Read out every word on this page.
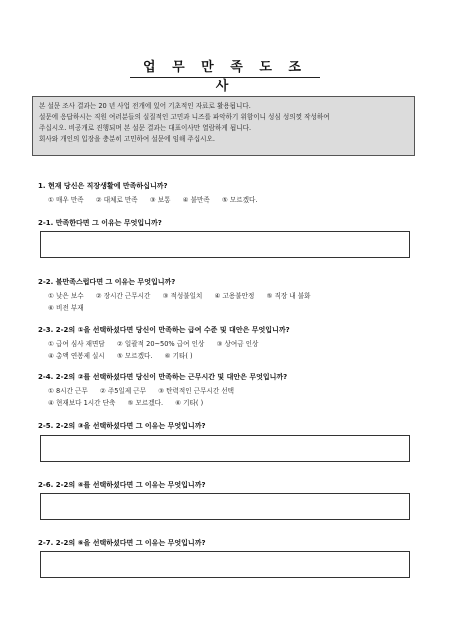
업 무 만 족 도 조 사
본 설문 조사 결과는 20 년 사업 전개에 있어 기초적인 자료로 활용됩니다.
설문에 응답하시는 직원 여러분들의 실질적인 고민과 니즈를 파악하기 위함이니 성심 성의껏 작성하여
주십시오. 비공개로 진행되며 본 설문 결과는 대표이사만 열람하게 됩니다.
회사와 개인의 입장을 충분히 고민하여 설문에 임해 주십시오.
1. 현재 당신은 직장생활에 만족하십니까?
① 매우 만족 ② 대체로 만족 ③ 보통 ④ 불만족 ⑤ 모르겠다.
2-1. 만족한다면 그 이유는 무엇입니까?
2-2. 불만족스럽다면 그 이유는 무엇입니까?
① 낮은 보수 ② 장시간 근무시간 ③ 적성불일치 ④ 고용불안정 ⑤ 직장 내 불화
⑥ 비전 부재
2-3. 2-2의 ①을 선택하셨다면 당신이 만족하는 급여 수준 및 대안은 무엇입니까?
① 급여 심사 재면담 ② 일괄적 20~50% 급여 인상 ③ 상여금 인상
④ 총액 연봉제 실시 ⑤ 모르겠다. ⑥ 기타( )
2-4. 2-2의 ②를 선택하셨다면 당신이 만족하는 근무시간 및 대안은 무엇입니까?
① 8시간 근무 ② 주5일제 근무 ③ 탄력적인 근무시간 선택
④ 현재보다 1시간 단축 ⑤ 모르겠다. ⑥ 기타( )
2-5. 2-2의 ③을 선택하셨다면 그 이유는 무엇입니까?
2-6. 2-2의 ④를 선택하셨다면 그 이유는 무엇입니까?
2-7. 2-2의 ⑥을 선택하셨다면 그 이유는 무엇입니까?
